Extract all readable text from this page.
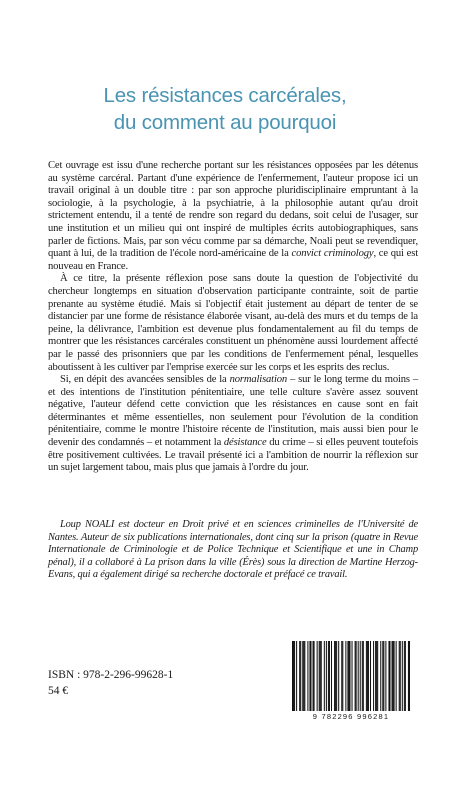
Les résistances carcérales,
du comment au pourquoi

Cet ouvrage est issu d'une recherche portant sur les résistances opposées par les détenus au système carcéral. Partant d'une expérience de l'enfermement, l'auteur propose ici un travail original à un double titre : par son approche pluridisciplinaire empruntant à la sociologie, à la psychologie, à la psychiatrie, à la philosophie autant qu'au droit strictement entendu, il a tenté de rendre son regard du dedans, soit celui de l'usager, sur une institution et un milieu qui ont inspiré de multiples écrits autobiographiques, sans parler de fictions. Mais, par son vécu comme par sa démarche, Noali peut se revendiquer, quant à lui, de la tradition de l'école nord-américaine de la convict criminology, ce qui est nouveau en France.

À ce titre, la présente réflexion pose sans doute la question de l'objectivité du chercheur longtemps en situation d'observation participante contrainte, soit de partie prenante au système étudié. Mais si l'objectif était justement au départ de tenter de se distancier par une forme de résistance élaborée visant, au-delà des murs et du temps de la peine, la délivrance, l'ambition est devenue plus fondamentalement au fil du temps de montrer que les résistances carcérales constituent un phénomène aussi lourdement affecté par le passé des prisonniers que par les conditions de l'enfermement pénal, lesquelles aboutissent à les cultiver par l'emprise exercée sur les corps et les esprits des reclus.

Si, en dépit des avancées sensibles de la normalisation – sur le long terme du moins – et des intentions de l'institution pénitentiaire, une telle culture s'avère assez souvent négative, l'auteur défend cette conviction que les résistances en cause sont en fait déterminantes et même essentielles, non seulement pour l'évolution de la condition pénitentiaire, comme le montre l'histoire récente de l'institution, mais aussi bien pour le devenir des condamnés – et notamment la désistance du crime – si elles peuvent toutefois être positivement cultivées. Le travail présenté ici a l'ambition de nourrir la réflexion sur un sujet largement tabou, mais plus que jamais à l'ordre du jour.

Loup NOALI est docteur en Droit privé et en sciences criminelles de l'Université de Nantes. Auteur de six publications internationales, dont cinq sur la prison (quatre in Revue Internationale de Criminologie et de Police Technique et Scientifique et une in Champ pénal), il a collaboré à La prison dans la ville (Érès) sous la direction de Martine Herzog-Evans, qui a également dirigé sa recherche doctorale et préfacé ce travail.
ISBN : 978-2-296-99628-1
54 €
9 782296 996281
